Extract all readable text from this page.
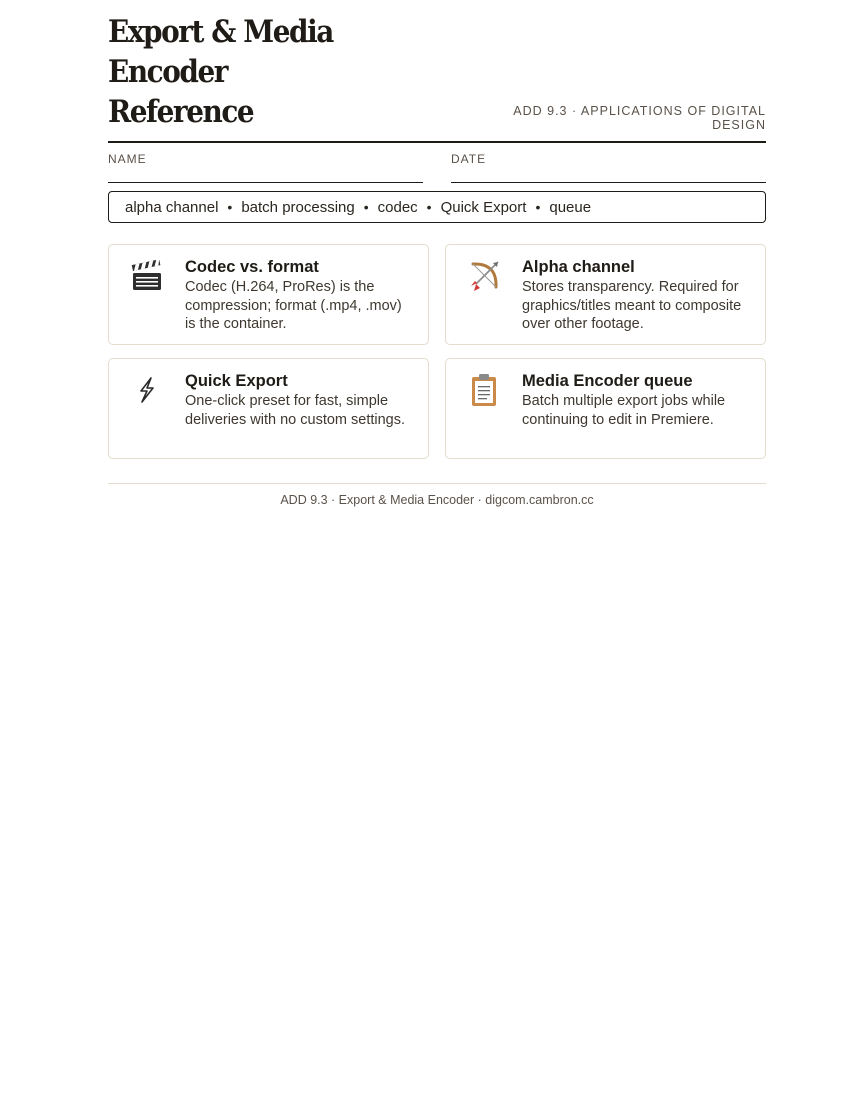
Export & Media Encoder
Reference	ADD 9.3 · APPLICATIONS OF DIGITAL DESIGN
NAME	DATE
alpha channel • batch processing • codec • Quick Export • queue
Codec vs. format
Codec (H.264, ProRes) is the compression; format (.mp4, .mov) is the container.
Alpha channel
Stores transparency. Required for graphics/titles meant to composite over other footage.
Quick Export
One-click preset for fast, simple deliveries with no custom settings.
Media Encoder queue
Batch multiple export jobs while continuing to edit in Premiere.
ADD 9.3 · Export & Media Encoder · digcom.cambron.cc
